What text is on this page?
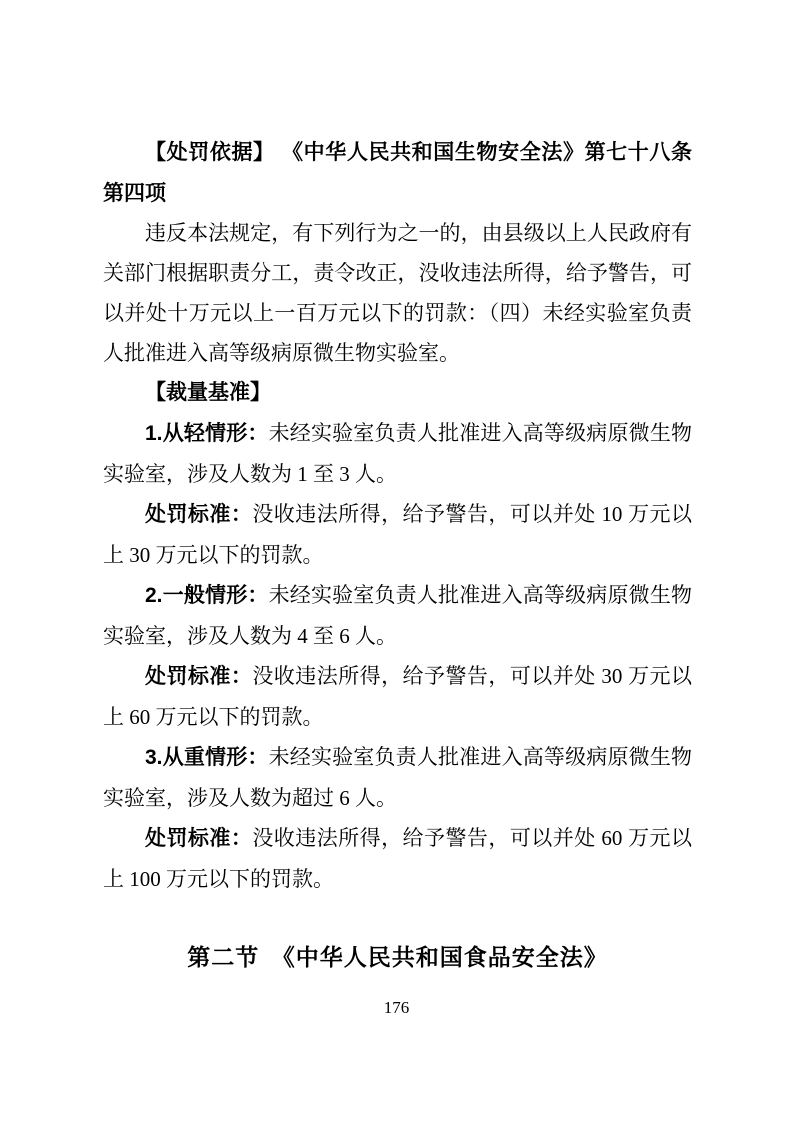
【处罚依据】 《中华人民共和国生物安全法》第七十八条第四项

违反本法规定，有下列行为之一的，由县级以上人民政府有关部门根据职责分工，责令改正，没收违法所得，给予警告，可以并处十万元以上一百万元以下的罚款：（四）未经实验室负责人批准进入高等级病原微生物实验室。

【裁量基准】

1.从轻情形：未经实验室负责人批准进入高等级病原微生物实验室，涉及人数为 1 至 3 人。

处罚标准：没收违法所得，给予警告，可以并处 10 万元以上 30 万元以下的罚款。

2.一般情形：未经实验室负责人批准进入高等级病原微生物实验室，涉及人数为 4 至 6 人。

处罚标准：没收违法所得，给予警告，可以并处 30 万元以上 60 万元以下的罚款。

3.从重情形：未经实验室负责人批准进入高等级病原微生物实验室，涉及人数为超过 6 人。

处罚标准：没收违法所得，给予警告，可以并处 60 万元以上 100 万元以下的罚款。

第二节　《中华人民共和国食品安全法》

176
